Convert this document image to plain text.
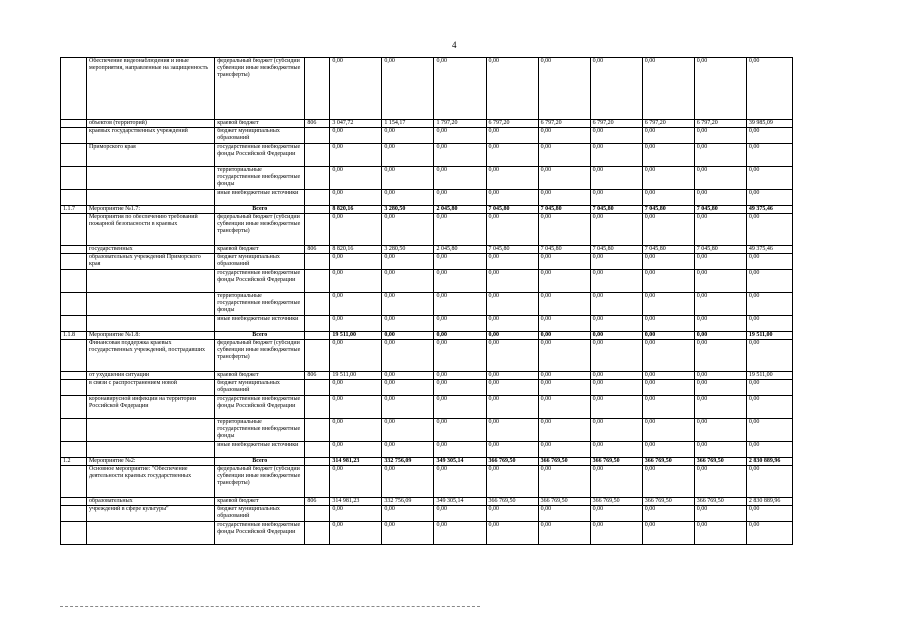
4
	Обеспечение видеонаблюдения и иные мероприятия, направленные на защищенность	федеральный бюджет (субсидии субвенции иные межбюджетные трансферты)		0,00	0,00	0,00	0,00	0,00	0,00	0,00	0,00	0,00
	объектов (территорий)	краевой бюджет	806	3 047,72	1 154,17	1 797,20	6 797,20	6 797,20	6 797,20	6 797,20	6 797,20	39 985,09
	краевых государственных учреждений	бюджет муниципальных образований		0,00	0,00	0,00	0,00	0,00	0,00	0,00	0,00	0,00
	Приморского края	государственные внебюджетные фонды Российской Федерации		0,00	0,00	0,00	0,00	0,00	0,00	0,00	0,00	0,00
		территориальные государственные внебюджетные фонды		0,00	0,00	0,00	0,00	0,00	0,00	0,00	0,00	0,00
		иные внебюджетные источники		0,00	0,00	0,00	0,00	0,00	0,00	0,00	0,00	0,00
1.1.7	Мероприятие №1.7:	Всего		8 820,16	3 280,50	2 045,80	7 045,80	7 045,80	7 045,80	7 045,80	7 045,80	49 375,46
	Мероприятия по обеспечению требований пожарной безопасности в краевых	федеральный бюджет (субсидии субвенции иные межбюджетные трансферты)		0,00	0,00	0,00	0,00	0,00	0,00	0,00	0,00	0,00
	государственных	краевой бюджет	806	8 820,16	3 280,50	2 045,80	7 045,80	7 045,80	7 045,80	7 045,80	7 045,80	49 375,46
	образовательных учреждений Приморского края	бюджет муниципальных образований		0,00	0,00	0,00	0,00	0,00	0,00	0,00	0,00	0,00
		государственные внебюджетные фонды Российской Федерации		0,00	0,00	0,00	0,00	0,00	0,00	0,00	0,00	0,00
		территориальные государственные внебюджетные фонды		0,00	0,00	0,00	0,00	0,00	0,00	0,00	0,00	0,00
		иные внебюджетные источники		0,00	0,00	0,00	0,00	0,00	0,00	0,00	0,00	0,00
1.1.8	Мероприятие №1.8:	Всего		19 511,00	0,00	0,00	0,00	0,00	0,00	0,00	0,00	19 511,00
	Финансовая поддержка краевых государственных учреждений, пострадавших	федеральный бюджет (субсидии субвенции иные межбюджетные трансферты)		0,00	0,00	0,00	0,00	0,00	0,00	0,00	0,00	0,00
	от ухудшения ситуации	краевой бюджет	806	19 511,00	0,00	0,00	0,00	0,00	0,00	0,00	0,00	19 511,00
	в связи с распространением новой	бюджет муниципальных образований		0,00	0,00	0,00	0,00	0,00	0,00	0,00	0,00	0,00
	коронавирусной инфекции на территории Российской Федерации	государственные внебюджетные фонды Российской Федерации		0,00	0,00	0,00	0,00	0,00	0,00	0,00	0,00	0,00
		территориальные государственные внебюджетные фонды		0,00	0,00	0,00	0,00	0,00	0,00	0,00	0,00	0,00
		иные внебюджетные источники		0,00	0,00	0,00	0,00	0,00	0,00	0,00	0,00	0,00
1.2	Мероприятие №2:	Всего		314 981,23	332 756,09	349 305,14	366 769,50	366 769,50	366 769,50	366 769,50	366 769,50	2 830 889,96
	Основное мероприятие: "Обеспечение деятельности краевых государственных	федеральный бюджет (субсидии субвенции иные межбюджетные трансферты)		0,00	0,00	0,00	0,00	0,00	0,00	0,00	0,00	0,00
	образовательных	краевой бюджет	806	314 981,23	332 756,09	349 305,14	366 769,50	366 769,50	366 769,50	366 769,50	366 769,50	2 830 889,96
	учреждений в сфере культуры"	бюджет муниципальных образований		0,00	0,00	0,00	0,00	0,00	0,00	0,00	0,00	0,00
		государственные внебюджетные фонды Российской Федерации		0,00	0,00	0,00	0,00	0,00	0,00	0,00	0,00	0,00
